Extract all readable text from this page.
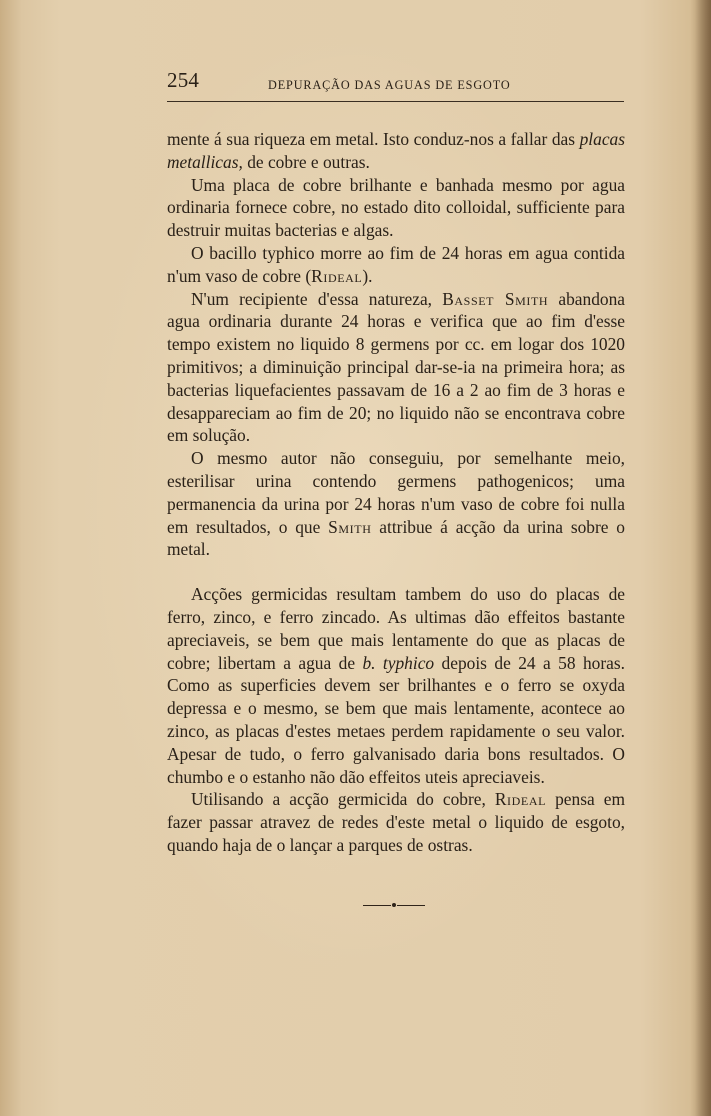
254	DEPURAÇÃO DAS AGUAS DE ESGOTO

mente á sua riqueza em metal. Isto conduz-nos a fallar das placas metallicas, de cobre e outras.

Uma placa de cobre brilhante e banhada mesmo por agua ordinaria fornece cobre, no estado dito colloidal, sufficiente para destruir muitas bacterias e algas.

O bacillo typhico morre ao fim de 24 horas em agua contida n'um vaso de cobre (Rideal).

N'um recipiente d'essa natureza, Basset Smith abandona agua ordinaria durante 24 horas e verifica que ao fim d'esse tempo existem no liquido 8 germens por cc. em logar dos 1020 primitivos; a diminuição principal dar-se-ia na primeira hora; as bacterias liquefacientes passavam de 16 a 2 ao fim de 3 horas e desappareciam ao fim de 20; no liquido não se encontrava cobre em solução.

O mesmo autor não conseguiu, por semelhante meio, esterilisar urina contendo germens pathogenicos; uma permanencia da urina por 24 horas n'um vaso de cobre foi nulla em resultados, o que Smith attribue á acção da urina sobre o metal.

Acções germicidas resultam tambem do uso do placas de ferro, zinco, e ferro zincado. As ultimas dão effeitos bastante apreciaveis, se bem que mais lentamente do que as placas de cobre; libertam a agua de b. typhico depois de 24 a 58 horas. Como as superficies devem ser brilhantes e o ferro se oxyda depressa e o mesmo, se bem que mais lentamente, acontece ao zinco, as placas d'estes metaes perdem rapidamente o seu valor. Apesar de tudo, o ferro galvanisado daria bons resultados. O chumbo e o estanho não dão effeitos uteis apreciaveis.

Utilisando a acção germicida do cobre, Rideal pensa em fazer passar atravez de redes d'este metal o liquido de esgoto, quando haja de o lançar a parques de ostras.
